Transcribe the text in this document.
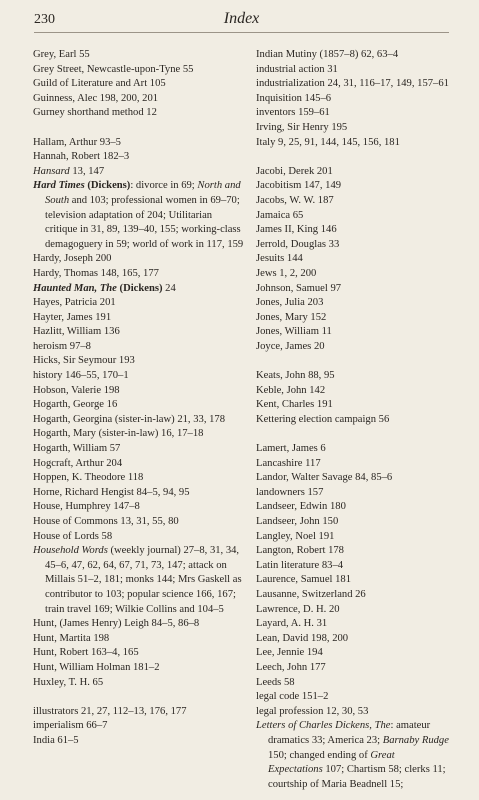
230	Index
Grey, Earl 55
Grey Street, Newcastle-upon-Tyne 55
Guild of Literature and Art 105
Guinness, Alec 198, 200, 201
Gurney shorthand method 12
Hallam, Arthur 93–5
Hannah, Robert 182–3
Hansard 13, 147
Hard Times (Dickens): divorce in 69; North and South and 103; professional women in 69–70; television adaptation of 204; Utilitarian critique in 31, 89, 139–40, 155; working-class demagoguery in 59; world of work in 117, 159
Hardy, Joseph 200
Hardy, Thomas 148, 165, 177
Haunted Man, The (Dickens) 24
Hayes, Patricia 201
Hayter, James 191
Hazlitt, William 136
heroism 97–8
Hicks, Sir Seymour 193
history 146–55, 170–1
Hobson, Valerie 198
Hogarth, George 16
Hogarth, Georgina (sister-in-law) 21, 33, 178
Hogarth, Mary (sister-in-law) 16, 17–18
Hogarth, William 57
Hogcraft, Arthur 204
Hoppen, K. Theodore 118
Horne, Richard Hengist 84–5, 94, 95
House, Humphrey 147–8
House of Commons 13, 31, 55, 80
House of Lords 58
Household Words (weekly journal) 27–8, 31, 34, 45–6, 47, 62, 64, 67, 71, 73, 147; attack on Millais 51–2, 181; monks 144; Mrs Gaskell as contributor to 103; popular science 166, 167; train travel 169; Wilkie Collins and 104–5
Hunt, (James Henry) Leigh 84–5, 86–8
Hunt, Martita 198
Hunt, Robert 163–4, 165
Hunt, William Holman 181–2
Huxley, T. H. 65
illustrators 21, 27, 112–13, 176, 177
imperialism 66–7
India 61–5
Indian Mutiny (1857–8) 62, 63–4
industrial action 31
industrialization 24, 31, 116–17, 149, 157–61
Inquisition 145–6
inventors 159–61
Irving, Sir Henry 195
Italy 9, 25, 91, 144, 145, 156, 181
Jacobi, Derek 201
Jacobitism 147, 149
Jacobs, W. W. 187
Jamaica 65
James II, King 146
Jerrold, Douglas 33
Jesuits 144
Jews 1, 2, 200
Johnson, Samuel 97
Jones, Julia 203
Jones, Mary 152
Jones, William 11
Joyce, James 20
Keats, John 88, 95
Keble, John 142
Kent, Charles 191
Kettering election campaign 56
Lamert, James 6
Lancashire 117
Landor, Walter Savage 84, 85–6
landowners 157
Landseer, Edwin 180
Landseer, John 150
Langley, Noel 191
Langton, Robert 178
Latin literature 83–4
Laurence, Samuel 181
Lausanne, Switzerland 26
Lawrence, D. H. 20
Layard, A. H. 31
Lean, David 198, 200
Lee, Jennie 194
Leech, John 177
Leeds 58
legal code 151–2
legal profession 12, 30, 53
Letters of Charles Dickens, The: amateur dramatics 33; America 23; Barnaby Rudge 150; changed ending of Great Expectations 107; Chartism 58; clerks 11; courtship of Maria Beadnell 15;
